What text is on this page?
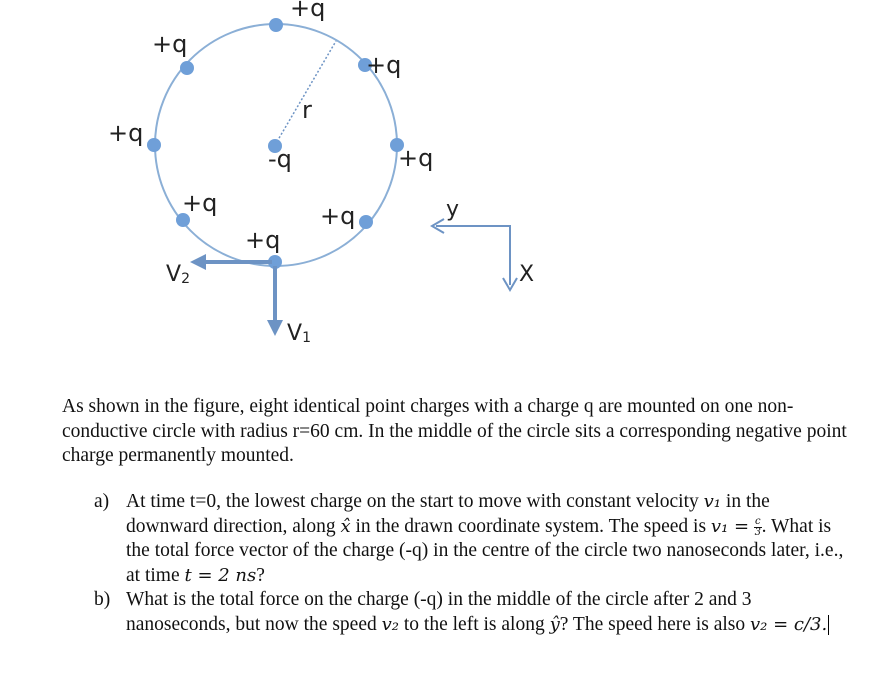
r
+q
+q
+q
+q
+q
-q
+q	+q
+q
V2
V1
y
X
As shown in the figure, eight identical point charges with a charge q are mounted on one non-conductive circle with radius r=60 cm. In the middle of the circle sits a corresponding negative point charge permanently mounted.
a) At time t=0, the lowest charge on the start to move with constant velocity v₁ in the downward direction, along x̂ in the drawn coordinate system. The speed is $v_1 = \frac{c}{3}$ . What is the total force vector of the charge (-q) in the centre of the circle two nanoseconds later, i.e., at time t = 2 ns?
b) What is the total force on the charge (-q) in the middle of the circle after 2 and 3 nanoseconds, but now the speed v₂ to the left is along ŷ? The speed here is also v₂ = c/3.
